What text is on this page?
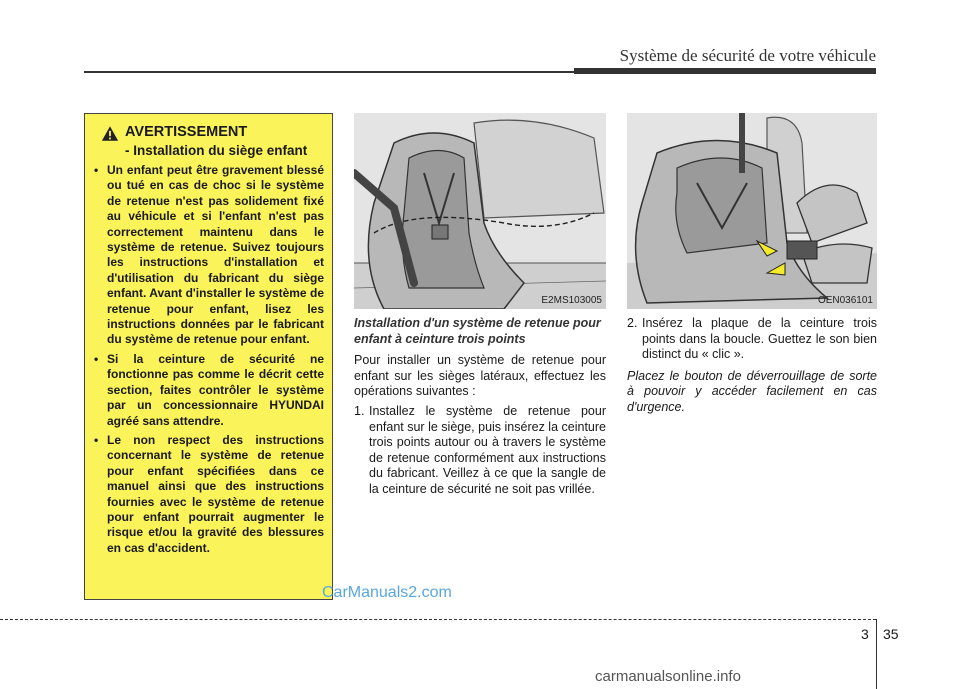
Système de sécurité de votre véhicule
AVERTISSEMENT
- Installation du siège enfant
• Un enfant peut être gravement blessé ou tué en cas de choc si le système de retenue n'est pas solidement fixé au véhicule et si l'enfant n'est pas correctement maintenu dans le système de retenue. Suivez toujours les instructions d'installation et d'utilisation du fabricant du siège enfant. Avant d'installer le système de retenue pour enfant, lisez les instructions données par le fabricant du système de retenue pour enfant.
• Si la ceinture de sécurité ne fonctionne pas comme le décrit cette section, faites contrôler le système par un concessionnaire HYUNDAI agréé sans attendre.
• Le non respect des instructions concernant le système de retenue pour enfant spécifiées dans ce manuel ainsi que des instructions fournies avec le système de retenue pour enfant pourrait augmenter le risque et/ou la gravité des blessures en cas d'accident.
E2MS103005	OEN036101
Installation d'un système de retenue pour enfant à ceinture trois points
Pour installer un système de retenue pour enfant sur les sièges latéraux, effectuez les opérations suivantes :
1. Installez le système de retenue pour enfant sur le siège, puis insérez la ceinture trois points autour ou à travers le système de retenue conformément aux instructions du fabricant. Veillez à ce que la sangle de la ceinture de sécurité ne soit pas vrillée.
2. Insérez la plaque de la ceinture trois points dans la boucle. Guettez le son bien distinct du « clic ».
Placez le bouton de déverrouillage de sorte à pouvoir y accéder facilement en cas d'urgence.
CarManuals2.com
3 35
carmanualsonline.info
